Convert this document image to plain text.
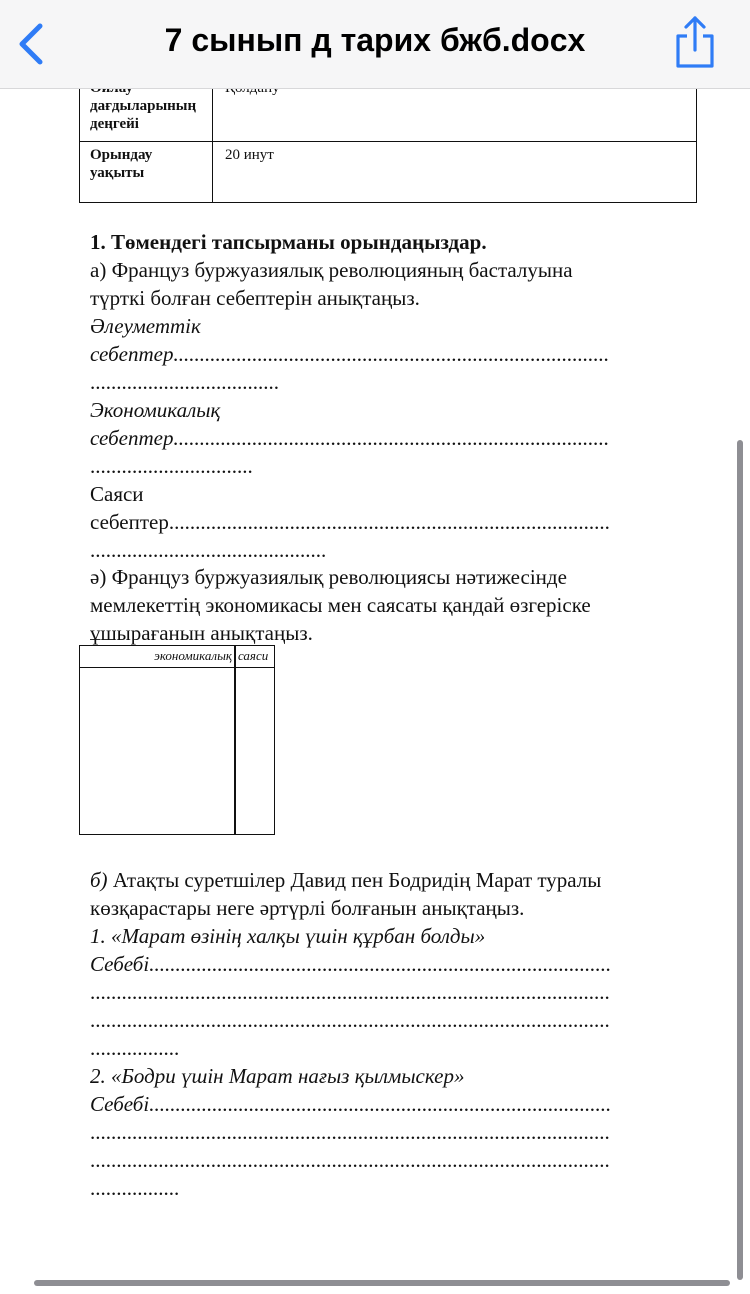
дағдыларының деңгейі	
Орындау уақыты	20 инут
1. Төмендегі тапсырманы орындаңыздар.
а) Француз буржуазиялық революцияның басталуына
түрткі болған себептерін анықтаңыз.
Әлеуметтік
себептер...................................................................................
....................................
Экономикалық
себептер...................................................................................
...............................
Саяси
себептер....................................................................................
.............................................
ә) Француз буржуазиялық революциясы нәтижесінде
мемлекеттің экономикасы мен саясаты қандай өзгеріске
ұшырағанын анықтаңыз.
экономикалық саяси
б) Атақты суретшілер Давид пен Бодридің Марат туралы
көзқарастары неге әртүрлі болғанын анықтаңыз.
1. «Марат өзінің халқы үшін құрбан болды»
Себебі........................................................................................
...................................................................................................
...................................................................................................
.................
2. «Бодри үшін Марат нағыз қылмыскер»
Себебі........................................................................................
...................................................................................................
...................................................................................................
.................
7 сынып д тарих бжб.docx
